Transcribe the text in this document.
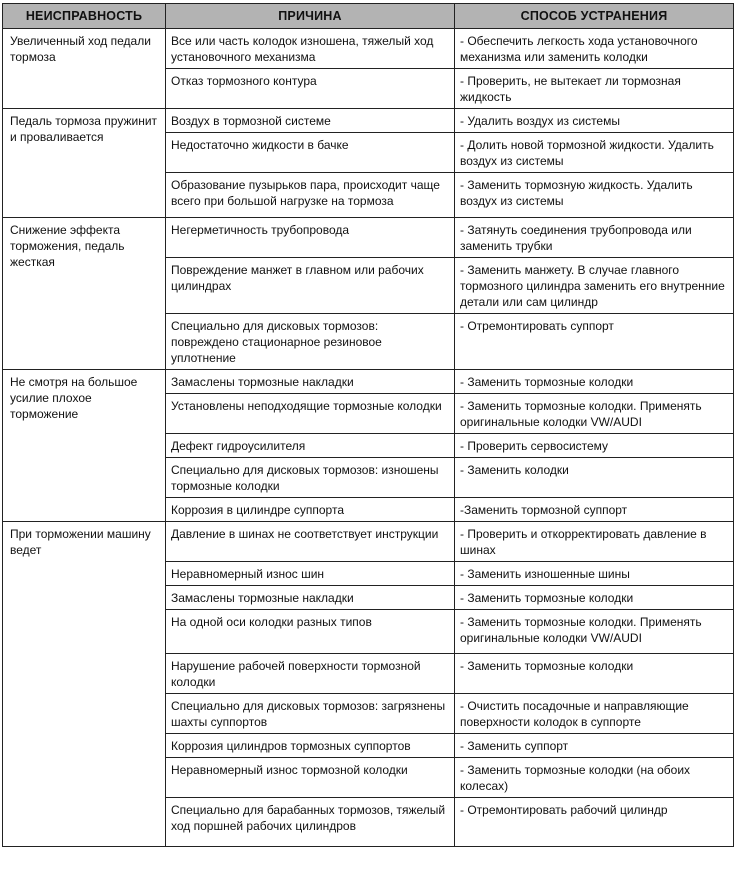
НЕИСПРАВНОСТЬ	ПРИЧИНА	СПОСОБ УСТРАНЕНИЯ
Увеличенный ход педали тормоза	Все или часть колодок изношена, тяжелый ход установочного механизма	- Обеспечить легкость хода установочного механизма или заменить колодки
	Отказ тормозного контура	- Проверить, не вытекает ли тормозная жидкость
Педаль тормоза пружинит и проваливается	Воздух в тормозной системе	- Удалить воздух из системы
	Недостаточно жидкости в бачке	- Долить новой тормозной жидкости. Удалить воздух из системы
	Образование пузырьков пара, происходит чаще всего при большой нагрузке на тормоза	- Заменить тормозную жидкость. Удалить воздух из системы
Снижение эффекта торможения, педаль жесткая	Негерметичность трубопровода	- Затянуть соединения трубопровода или заменить трубки
	Повреждение манжет в главном или рабочих цилиндрах	- Заменить манжету. В случае главного тормозного цилиндра заменить его внутренние детали или сам цилиндр
	Специально для дисковых тормозов: повреждено стационарное резиновое уплотнение	- Отремонтировать суппорт
Не смотря на большое усилие плохое торможение	Замаслены тормозные накладки	- Заменить тормозные колодки
	Установлены неподходящие тормозные колодки	- Заменить тормозные колодки. Применять оригинальные колодки VW/AUDI
	Дефект гидроусилителя	- Проверить сервосистему
	Специально для дисковых тормозов: изношены тормозные колодки	- Заменить колодки
	Коррозия в цилиндре суппорта	-Заменить тормозной суппорт
При торможении машину ведет	Давление в шинах не соответствует инструкции	- Проверить и откорректировать давление в шинах
	Неравномерный износ шин	- Заменить изношенные шины
	Замаслены тормозные накладки	- Заменить тормозные колодки
	На одной оси колодки разных типов	- Заменить тормозные колодки. Применять оригинальные колодки VW/AUDI
	Нарушение рабочей поверхности тормозной колодки	- Заменить тормозные колодки
	Специально для дисковых тормозов: загрязнены шахты суппортов	- Очистить посадочные и направляющие поверхности колодок в суппорте
	Коррозия цилиндров тормозных суппортов	- Заменить суппорт
	Неравномерный износ тормозной колодки	- Заменить тормозные колодки (на обоих колесах)
	Специально для барабанных тормозов, тяжелый ход поршней рабочих цилиндров	- Отремонтировать рабочий цилиндр
